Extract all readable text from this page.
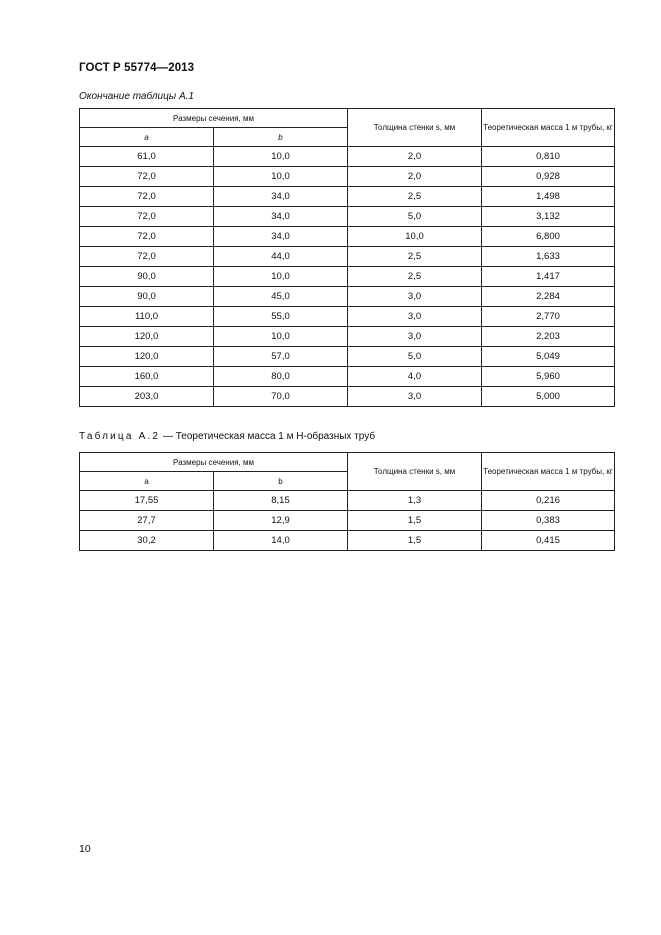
ГОСТ Р 55774—2013
Окончание таблицы А.1
Размеры сечения, мм		Толщина стенки s, мм	Теоретическая масса 1 м трубы, кг
a	b		
61,0	10,0	2,0	0,810
72,0	10,0	2,0	0,928
72,0	34,0	2,5	1,498
72,0	34,0	5,0	3,132
72,0	34,0	10,0	6,800
72,0	44,0	2,5	1,633
90,0	10,0	2,5	1,417
90,0	45,0	3,0	2,284
110,0	55,0	3,0	2,770
120,0	10,0	3,0	2,203
120,0	57,0	5,0	5,049
160,0	80,0	4,0	5,960
203,0	70,0	3,0	5,000
Таблица А.2 — Теоретическая масса 1 м Н-образных труб
Размеры сечения, мм		Толщина стенки s, мм	Теоретическая масса 1 м трубы, кг
a	b		
17,55	8,15	1,3	0,216
27,7	12,9	1,5	0,383
30,2	14,0	1,5	0,415
10
